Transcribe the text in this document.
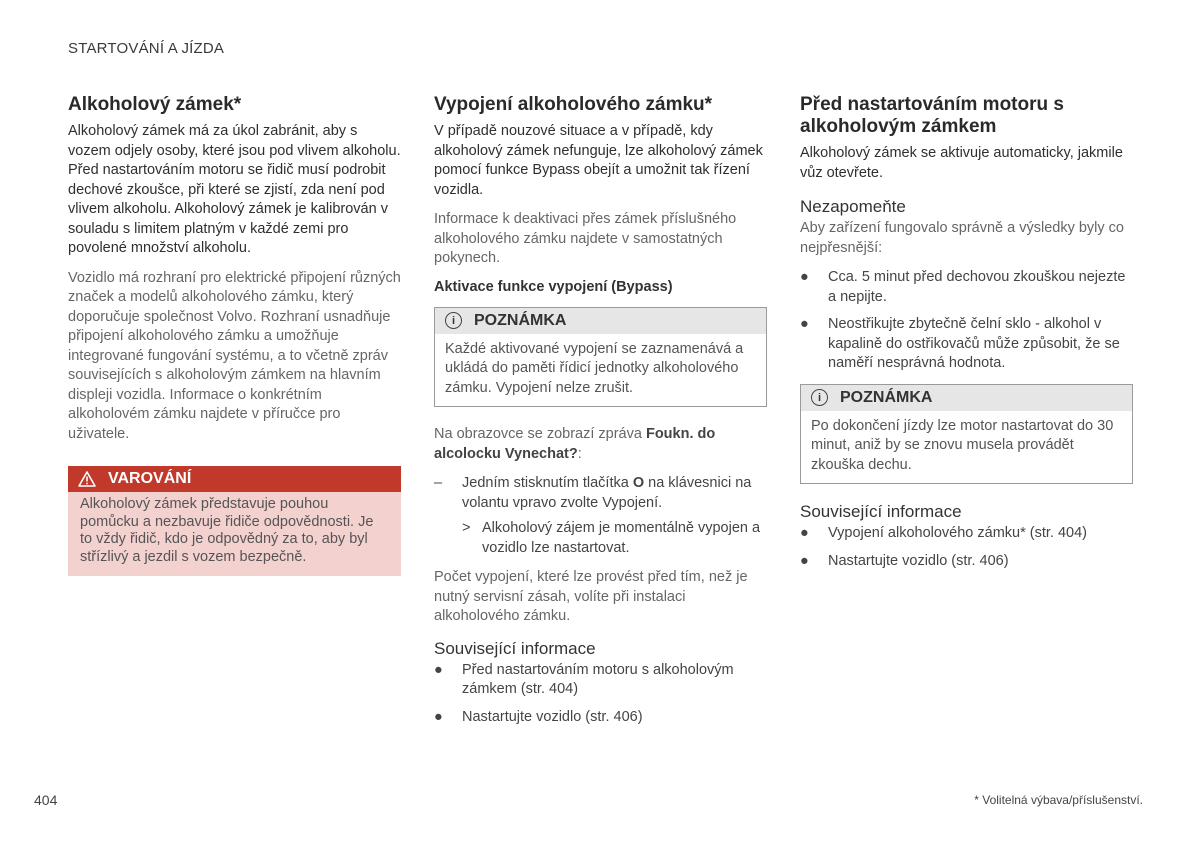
STARTOVÁNÍ A JÍZDA
Alkoholový zámek*

Alkoholový zámek má za úkol zabránit, aby s vozem odjely osoby, které jsou pod vlivem alkoholu. Před nastartováním motoru se řidič musí podrobit dechové zkoušce, při které se zjistí, zda není pod vlivem alkoholu. Alkoholový zámek je kalibrován v souladu s limitem platným v každé zemi pro povolené množství alkoholu.

Vozidlo má rozhraní pro elektrické připojení různých značek a modelů alkoholového zámku, který doporučuje společnost Volvo. Rozhraní usnadňuje připojení alkoholového zámku a umožňuje integrované fungování systému, a to včetně zpráv souvisejících s alkoholovým zámkem na hlavním displeji vozidla. Informace o konkrétním alkoholovém zámku najdete v příručce pro uživatele.

VAROVÁNÍ
Alkoholový zámek představuje pouhou pomůcku a nezbavuje řidiče odpovědnosti. Je to vždy řidič, kdo je odpovědný za to, aby byl střízlivý a jezdil s vozem bezpečně.
Vypojení alkoholového zámku*

V případě nouzové situace a v případě, kdy alkoholový zámek nefunguje, lze alkoholový zámek pomocí funkce Bypass obejít a umožnit tak řízení vozidla.

Informace k deaktivaci přes zámek příslušného alkoholového zámku najdete v samostatných pokynech.

Aktivace funkce vypojení (Bypass)
i	POZNÁMKA
Každé aktivované vypojení se zaznamenává a ukládá do paměti řídicí jednotky alkoholového zámku. Vypojení nelze zrušit.

Na obrazovce se zobrazí zpráva Foukn. do alcolocku Vynechat?:

–	Jedním stisknutím tlačítka O na klávesnici na volantu vpravo zvolte Vypojení.
> Alkoholový zájem je momentálně vypojen a vozidlo lze nastartovat.

Počet vypojení, které lze provést před tím, než je nutný servisní zásah, volíte při instalaci alkoholového zámku.

Související informace
●	Před nastartováním motoru s alkoholovým zámkem (str. 404)
●	Nastartujte vozidlo (str. 406)
Před nastartováním motoru s alkoholovým zámkem

Alkoholový zámek se aktivuje automaticky, jakmile vůz otevřete.

Nezapomeňte

Aby zařízení fungovalo správně a výsledky byly co nejpřesnější:

●	Cca. 5 minut před dechovou zkouškou nejezte a nepijte.
●	Neostřikujte zbytečně čelní sklo - alkohol v kapalině do ostřikovačů může způsobit, že se naměří nesprávná hodnota.
i	POZNÁMKA
Po dokončení jízdy lze motor nastartovat do 30 minut, aniž by se znovu musela provádět zkouška dechu.
Související informace
●	Vypojení alkoholového zámku* (str. 404)
●	Nastartujte vozidlo (str. 406)
404	* Volitelná výbava/příslušenství.
